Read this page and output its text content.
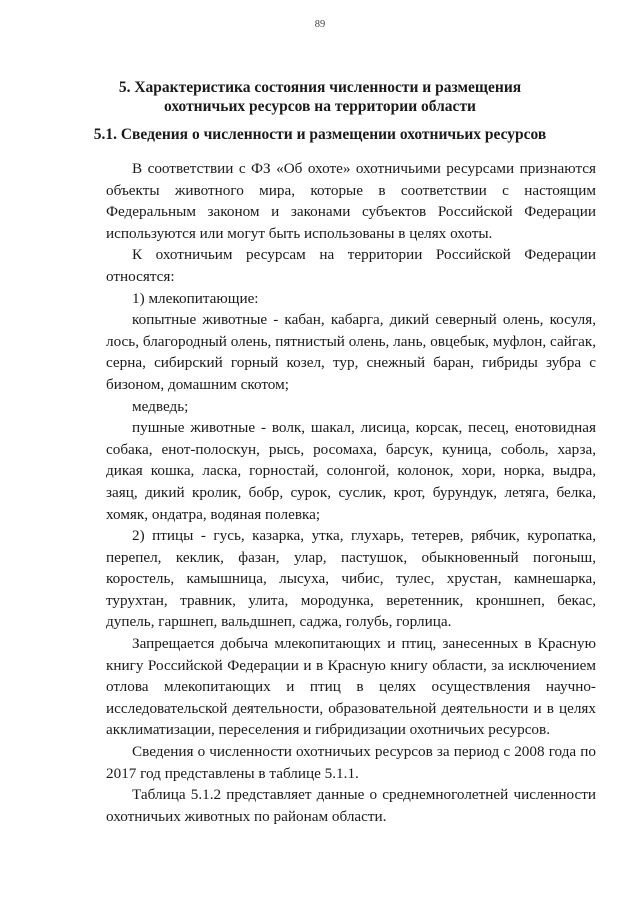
89
5. Характеристика состояния численности и размещения
охотничьих ресурсов на территории области
5.1. Сведения о численности и размещении охотничьих ресурсов

В соответствии с ФЗ «Об охоте» охотничьими ресурсами признаются объекты животного мира, которые в соответствии с настоящим Федеральным законом и законами субъектов Российской Федерации используются или могут быть использованы в целях охоты.

К охотничьим ресурсам на территории Российской Федерации относятся:

1) млекопитающие:

копытные животные - кабан, кабарга, дикий северный олень, косуля, лось, благородный олень, пятнистый олень, лань, овцебык, муфлон, сайгак, серна, сибирский горный козел, тур, снежный баран, гибриды зубра с бизоном, домашним скотом;

медведь;

пушные животные - волк, шакал, лисица, корсак, песец, енотовидная собака, енот-полоскун, рысь, росомаха, барсук, куница, соболь, харза, дикая кошка, ласка, горностай, солонгой, колонок, хори, норка, выдра, заяц, дикий кролик, бобр, сурок, суслик, крот, бурундук, летяга, белка, хомяк, ондатра, водяная полевка;

2) птицы - гусь, казарка, утка, глухарь, тетерев, рябчик, куропатка, перепел, кеклик, фазан, улар, пастушок, обыкновенный погоныш, коростель, камышница, лысуха, чибис, тулес, хрустан, камнешарка, турухтан, травник, улита, мородунка, веретенник, кроншнеп, бекас, дупель, гаршнеп, вальдшнеп, саджа, голубь, горлица.

Запрещается добыча млекопитающих и птиц, занесенных в Красную книгу Российской Федерации и в Красную книгу области, за исключением отлова млекопитающих и птиц в целях осуществления научно-исследовательской деятельности, образовательной деятельности и в целях акклиматизации, переселения и гибридизации охотничьих ресурсов.

Сведения о численности охотничьих ресурсов за период с 2008 года по 2017 год представлены в таблице 5.1.1.

Таблица 5.1.2 представляет данные о среднемноголетней численности охотничьих животных по районам области.
